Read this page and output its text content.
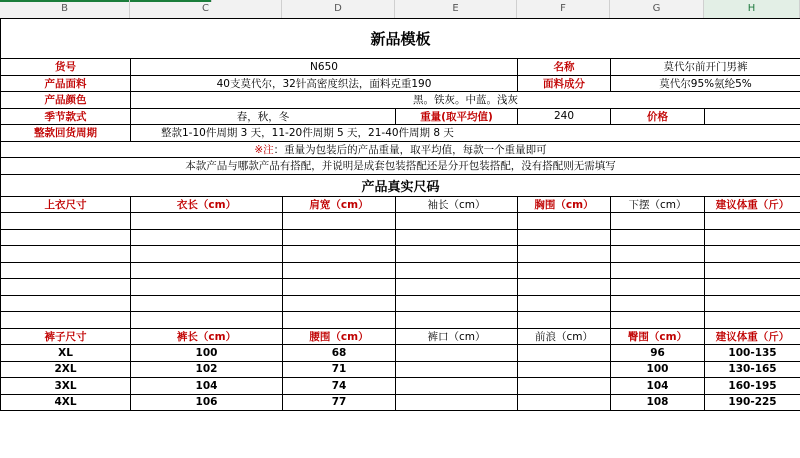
B	C	D	E	F	G	H
新品模板						
货号	N650			名称	莫代尔前开门男裤	
产品面料	40支莫代尔，32针高密度织法，面料克重190			面料成分	莫代尔95%氨纶5%	
产品颜色	黑。铁灰。中蓝。浅灰					
季节款式	春，秋，冬		重量(取平均值)	240	价格	
整款回货周期	整款1-10件周期 3 天，11-20件周期 5 天，21-40件周期 8 天					
※注：重量为包装后的产品重量，取平均值，每款一个重量即可						
本款产品与哪款产品有搭配，并说明是成套包装搭配还是分开包装搭配，没有搭配则无需填写						
产品真实尺码						
上衣尺寸	衣长（cm）	肩宽（cm）	袖长（cm）	胸围（cm）	下摆（cm）	建议体重（斤）

裤子尺寸	裤长（cm）	腰围（cm）	裤口（cm）	前浪（cm）	臀围（cm）	建议体重（斤）
XL	100	68			96	100-135
2XL	102	71			100	130-165
3XL	104	74			104	160-195
4XL	106	77			108	190-225
